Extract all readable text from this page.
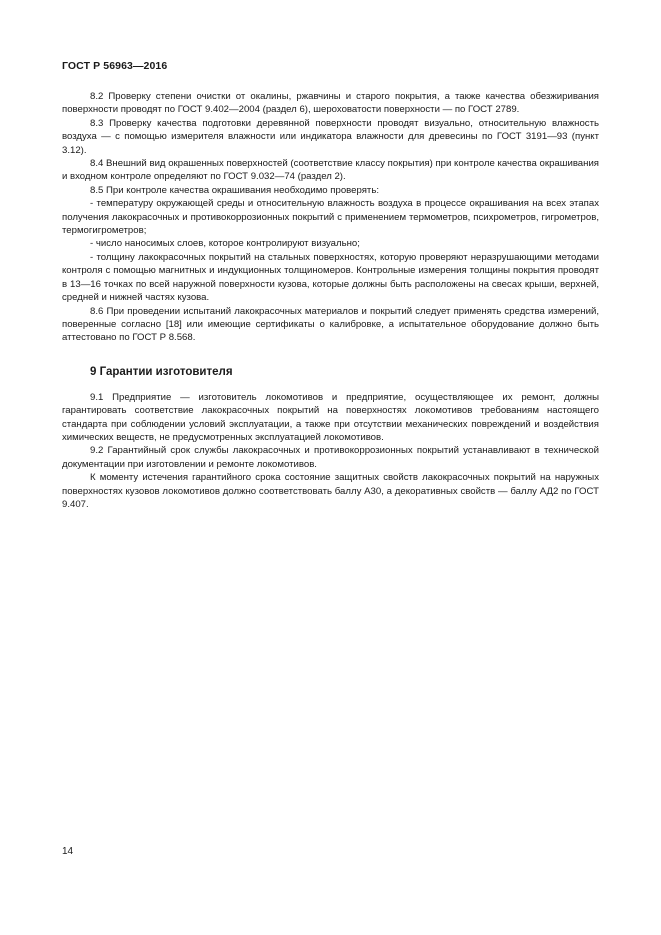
ГОСТ Р 56963—2016

8.2 Проверку степени очистки от окалины, ржавчины и старого покрытия, а также качества обезжиривания поверхности проводят по ГОСТ 9.402—2004 (раздел 6), шероховатости поверхности — по ГОСТ 2789.

8.3 Проверку качества подготовки деревянной поверхности проводят визуально, относительную влажность воздуха — с помощью измерителя влажности или индикатора влажности для древесины по ГОСТ 3191—93 (пункт 3.12).

8.4 Внешний вид окрашенных поверхностей (соответствие классу покрытия) при контроле качества окрашивания и входном контроле определяют по ГОСТ 9.032—74 (раздел 2).

8.5 При контроле качества окрашивания необходимо проверять:

- температуру окружающей среды и относительную влажность воздуха в процессе окрашивания на всех этапах получения лакокрасочных и противокоррозионных покрытий с применением термометров, психрометров, гигрометров, термогигрометров;

- число наносимых слоев, которое контролируют визуально;

- толщину лакокрасочных покрытий на стальных поверхностях, которую проверяют неразрушающими методами контроля с помощью магнитных и индукционных толщиномеров. Контрольные измерения толщины покрытия проводят в 13—16 точках по всей наружной поверхности кузова, которые должны быть расположены на свесах крыши, верхней, средней и нижней частях кузова.

8.6 При проведении испытаний лакокрасочных материалов и покрытий следует применять средства измерений, поверенные согласно [18] или имеющие сертификаты о калибровке, а испытательное оборудование должно быть аттестовано по ГОСТ Р 8.568.

9 Гарантии изготовителя

9.1 Предприятие — изготовитель локомотивов и предприятие, осуществляющее их ремонт, должны гарантировать соответствие лакокрасочных покрытий на поверхностях локомотивов требованиям настоящего стандарта при соблюдении условий эксплуатации, а также при отсутствии механических повреждений и воздействия химических веществ, не предусмотренных эксплуатацией локомотивов.

9.2 Гарантийный срок службы лакокрасочных и противокоррозионных покрытий устанавливают в технической документации при изготовлении и ремонте локомотивов.

К моменту истечения гарантийного срока состояние защитных свойств лакокрасочных покрытий на наружных поверхностях кузовов локомотивов должно соответствовать баллу А30, а декоративных свойств — баллу АД2 по ГОСТ 9.407.

14
